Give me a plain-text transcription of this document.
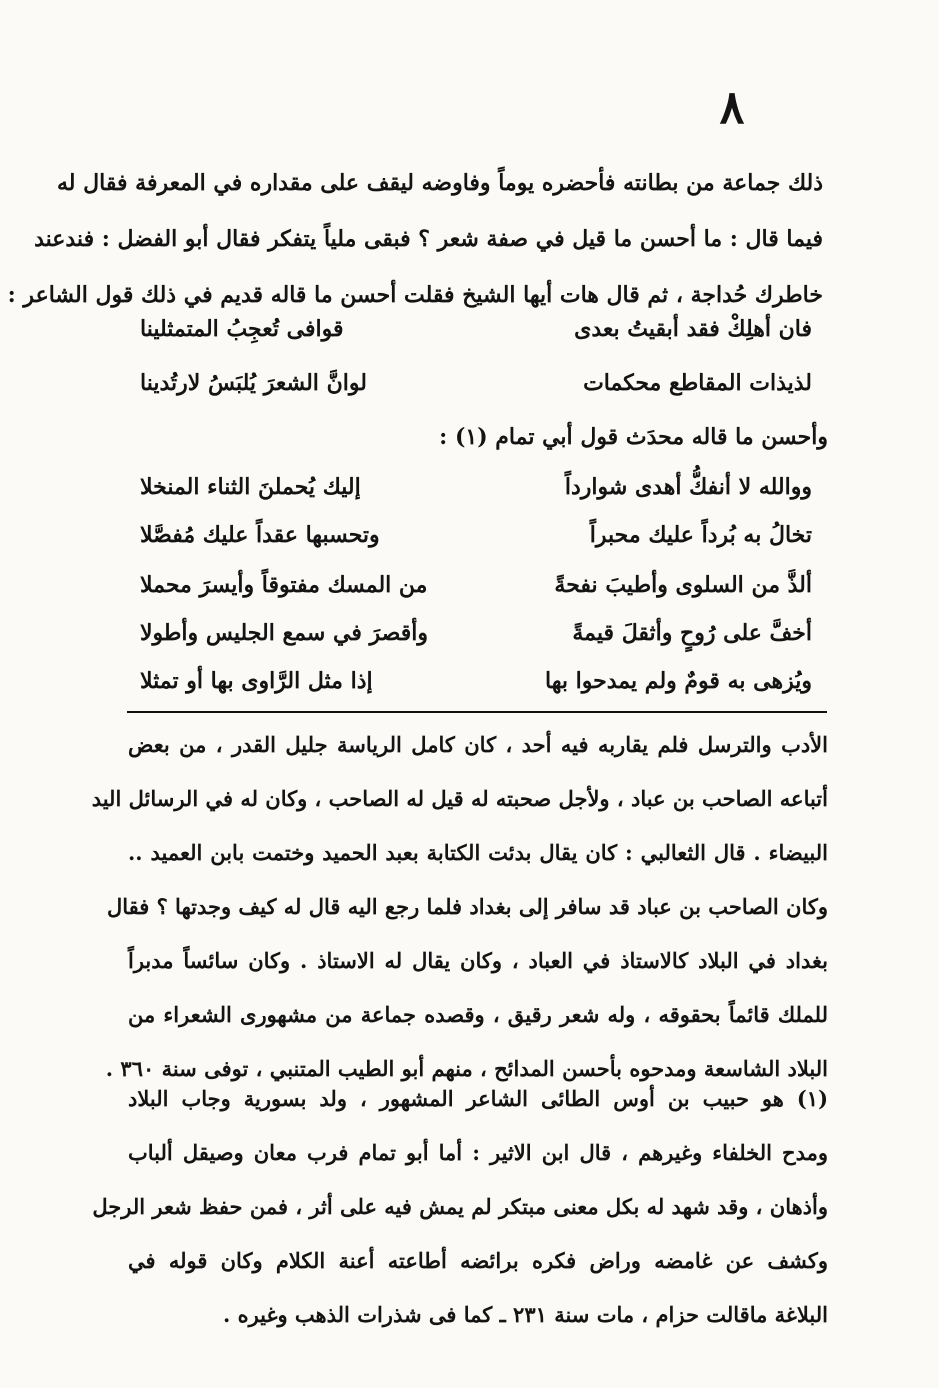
٨
ذلك جماعة من بطانته فأحضره يوماً وفاوضه ليقف على مقداره في المعرفة فقال له
فيما قال : ما أحسن ما قيل في صفة شعر ؟ فبقى ملياً يتفكر فقال أبو الفضل : فندعند
خاطرك حُداجة ، ثم قال هات أيها الشيخ فقلت أحسن ما قاله قديم في ذلك قول الشاعر :
فان أهلِكْ فقد أبقيتُ بعدى
قوافى تُعجِبُ المتمثلينا
لذيذات المقاطع محكمات
لوانَّ الشعرَ يُلبَسُ لارتُدينا
وأحسن ما قاله محدَث قول أبي تمام (١) :
ووالله لا أنفكُّ أهدى شوارداً
إليك يُحملنَ الثناء المنخلا
تخالُ به بُرداً عليك محبراً
وتحسبها عقداً عليك مُفصَّلا
ألذَّ من السلوى وأطيبَ نفحةً
من المسك مفتوقاً وأيسرَ محملا
أخفَّ على رُوحٍ وأثقلَ قيمةً
وأقصرَ في سمع الجليس وأطولا
ويُزهى به قومٌ ولم يمدحوا بها
إذا مثل الرَّاوى بها أو تمثلا
الأدب والترسل فلم يقاربه فيه أحد ، كان كامل الرياسة جليل القدر ، من بعض
أتباعه الصاحب بن عباد ، ولأجل صحبته له قيل له الصاحب ، وكان له في الرسائل اليد
البيضاء . قال الثعالبي : كان يقال بدئت الكتابة بعبد الحميد وختمت بابن العميد ..
وكان الصاحب بن عباد قد سافر إلى بغداد فلما رجع اليه قال له كيف وجدتها ؟ فقال
بغداد في البلاد كالاستاذ في العباد ، وكان يقال له الاستاذ . وكان سائساً مدبراً
للملك قائماً بحقوقه ، وله شعر رقيق ، وقصده جماعة من مشهورى الشعراء من
البلاد الشاسعة ومدحوه بأحسن المدائح ، منهم أبو الطيب المتنبي ، توفى سنة ٣٦٠ .
(١) هو حبيب بن أوس الطائى الشاعر المشهور ، ولد بسورية وجاب البلاد
ومدح الخلفاء وغيرهم ، قال ابن الاثير : أما أبو تمام فرب معان وصيقل ألباب
وأذهان ، وقد شهد له بكل معنى مبتكر لم يمش فيه على أثر ، فمن حفظ شعر الرجل
وكشف عن غامضه وراض فكره برائضه أطاعته أعنة الكلام وكان قوله في
البلاغة ماقالت حزام ، مات سنة ٢٣١ ـ كما فى شذرات الذهب وغيره .
